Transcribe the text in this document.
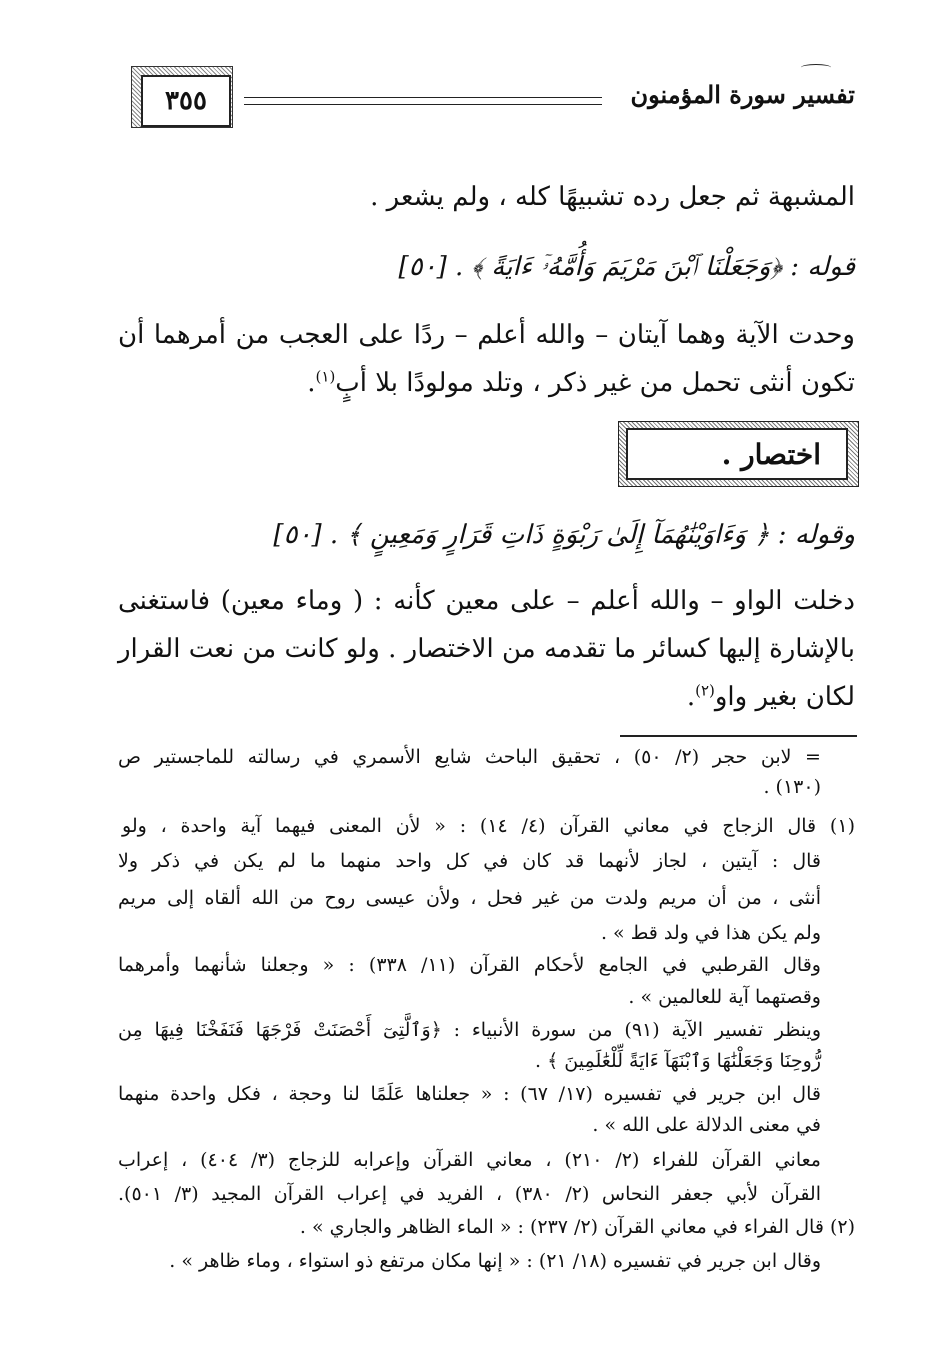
تفسير سورة المؤمنون
٣٥٥
المشبهة ثم جعل رده تشبيهًا كله ، ولم يشعر .
قوله : ﴿وَجَعَلْنَا ٱبْنَ مَرْيَمَ وَأُمَّهُۥٓ ءَايَةً ﴾ . [٥٠]
وحدت الآية وهما آيتان – والله أعلم – ردًا على العجب من أمرهما أن
تكون أنثى تحمل من غير ذكر ، وتلد مولودًا بلا أبٍ$^{(١)}$.
اختصار .
وقوله : ﴿ وَءَاوَيْنَٰهُمَآ إِلَىٰ رَبْوَةٍ ذَاتِ قَرَارٍ وَمَعِينٍ ﴾ . [٥٠]
دخلت الواو – والله أعلم – على معين كأنه : ( وماء معين) فاستغنى
بالإشارة إليها كسائر ما تقدمه من الاختصار . ولو كانت من نعت القرار
لكان بغير واو$^{(٢)}$.
= لابن حجر (٢/ ٥٠) ، تحقيق الباحث شايع الأسمري في رسالته للماجستير ص
(١٣٠) .
(١) قال الزجاج في معاني القرآن (٤/ ١٤) : « لأن المعنى فيهما آية واحدة ، ولو
قال : آيتين ، لجاز لأنهما قد كان في كل واحد منهما ما لم يكن في ذكر ولا
أنثى ، من أن مريم ولدت من غير فحل ، ولأن عيسى روح من الله ألقاه إلى مريم
ولم يكن هذا في ولد قط » .
وقال القرطبي في الجامع لأحكام القرآن (١١/ ٣٣٨) : « وجعلنا شأنهما وأمرهما
وقصتهما آية للعالمين » .
وينظر تفسير الآية (٩١) من سورة الأنبياء : ﴿وَٱلَّتِىٓ أَحْصَنَتْ فَرْجَهَا فَنَفَخْنَا فِيهَا مِن
رُّوحِنَا وَجَعَلْنَٰهَا وَٱبْنَهَآ ءَايَةً لِّلْعَٰلَمِينَ ﴾ .
قال ابن جرير في تفسيره (١٧/ ٦٧) : « جعلناها عَلَمًا لنا وحجة ، فكل واحدة منهما
في معنى الدلالة على الله » .
معاني القرآن للفراء (٢/ ٢١٠) ، معاني القرآن وإعرابه للزجاج (٣/ ٤٠٤) ، إعراب
القرآن لأبي جعفر النحاس (٢/ ٣٨٠) ، الفريد في إعراب القرآن المجيد (٣/ ٥٠١).
(٢) قال الفراء في معاني القرآن (٢/ ٢٣٧) : « الماء الظاهر والجاري » .
وقال ابن جرير في تفسيره (١٨/ ٢١) : « إنها مكان مرتفع ذو استواء ، وماء ظاهر » .
